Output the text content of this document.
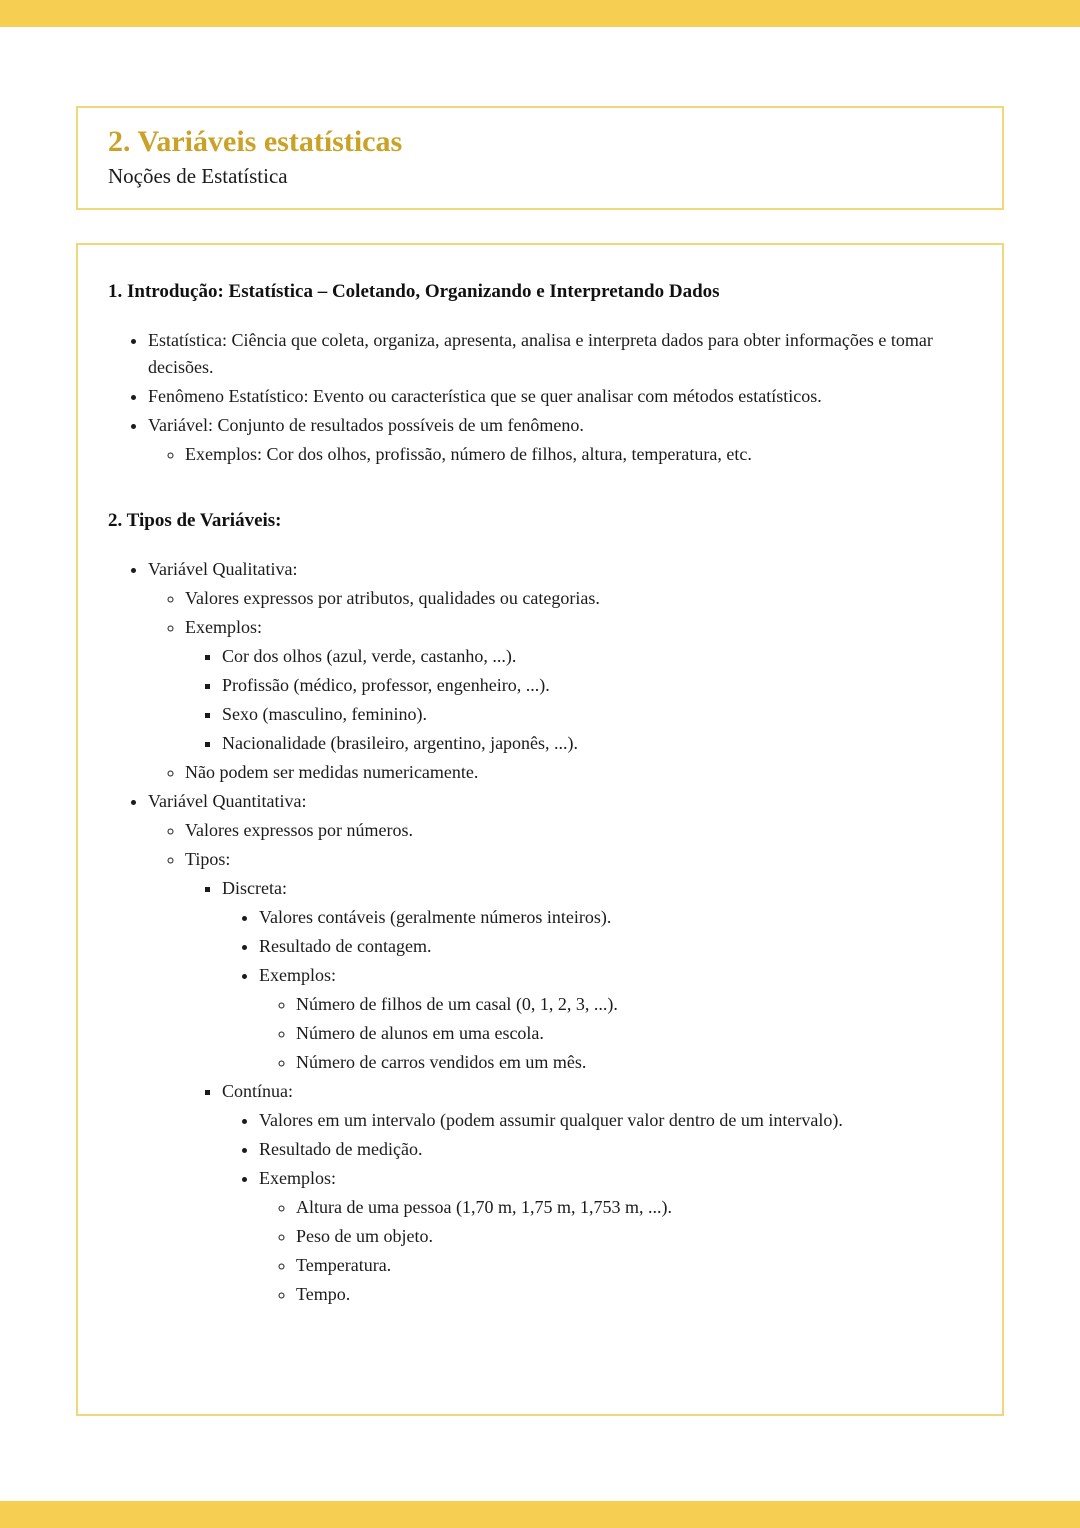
2. Variáveis estatísticas
Noções de Estatística
1. Introdução: Estatística – Coletando, Organizando e Interpretando Dados
• Estatística: Ciência que coleta, organiza, apresenta, analisa e interpreta dados para obter informações e tomar decisões.
• Fenômeno Estatístico: Evento ou característica que se quer analisar com métodos estatísticos.
• Variável: Conjunto de resultados possíveis de um fenômeno.
◦ Exemplos: Cor dos olhos, profissão, número de filhos, altura, temperatura, etc.
2. Tipos de Variáveis:
• Variável Qualitativa:
◦ Valores expressos por atributos, qualidades ou categorias.
◦ Exemplos:
▪ Cor dos olhos (azul, verde, castanho, ...).
▪ Profissão (médico, professor, engenheiro, ...).
▪ Sexo (masculino, feminino).
▪ Nacionalidade (brasileiro, argentino, japonês, ...).
◦ Não podem ser medidas numericamente.
• Variável Quantitativa:
◦ Valores expressos por números.
◦ Tipos:
▪ Discreta:
• Valores contáveis (geralmente números inteiros).
• Resultado de contagem.
• Exemplos:
◦ Número de filhos de um casal (0, 1, 2, 3, ...).
◦ Número de alunos em uma escola.
◦ Número de carros vendidos em um mês.
▪ Contínua:
• Valores em um intervalo (podem assumir qualquer valor dentro de um intervalo).
• Resultado de medição.
• Exemplos:
◦ Altura de uma pessoa (1,70 m, 1,75 m, 1,753 m, ...).
◦ Peso de um objeto.
◦ Temperatura.
◦ Tempo.
